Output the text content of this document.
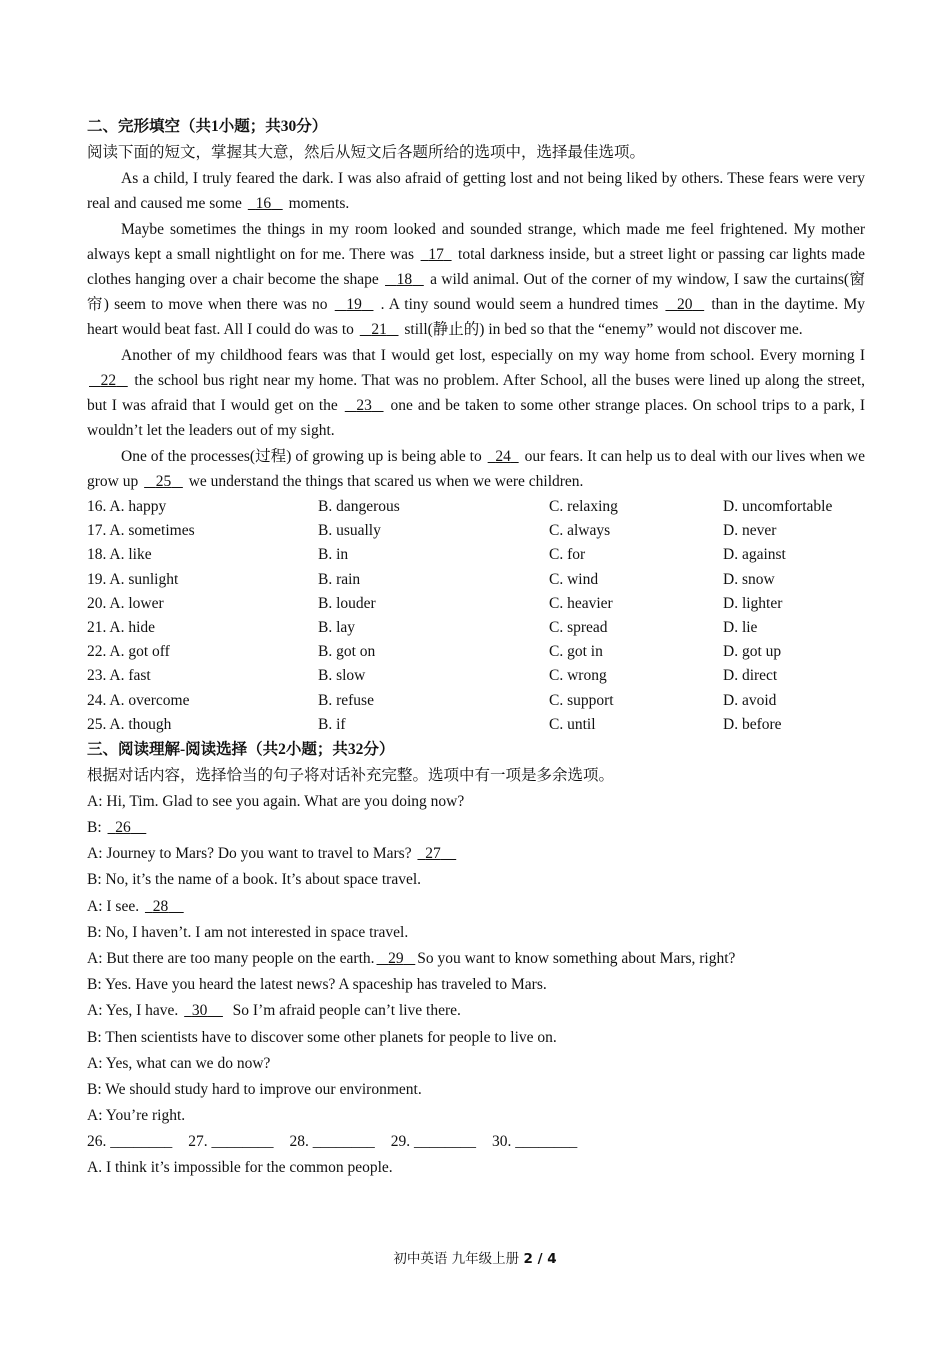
二、完形填空（共1小题；共30分）

阅读下面的短文，掌握其大意，然后从短文后各题所给的选项中，选择最佳选项。

As a child, I truly feared the dark. I was also afraid of getting lost and not being liked by others. These fears were very real and caused me some   16    moments.
Maybe sometimes the things in my room looked and sounded strange, which made me feel frightened. My mother always kept a small nightlight on for me. There was   17   total darkness inside, but a street light or passing car lights made clothes hanging over a chair become the shape    18    a wild animal. Out of the corner of my window, I saw the curtains(窗帘) seem to move when there was no    19    . A tiny sound would seem a hundred times    20    than in the daytime. My heart would beat fast. All I could do was to    21    still(静止的) in bed so that the “enemy” would not discover me.
Another of my childhood fears was that I would get lost, especially on my way home from school. Every morning I    22    the school bus right near my home. That was no problem. After School, all the buses were lined up along the street, but I was afraid that I would get on the    23    one and be taken to some other strange places. On school trips to a park, I wouldn’t let the leaders out of my sight.
One of the processes(过程) of growing up is being able to   24   our fears. It can help us to deal with our lives when we grow up    25    we understand the things that scared us when we were children.
16. A. happy	B. dangerous	C. relaxing	D. uncomfortable
17. A. sometimes	B. usually	C. always	D. never
18. A. like	B. in	C. for	D. against
19. A. sunlight	B. rain	C. wind	D. snow
20. A. lower	B. louder	C. heavier	D. lighter
21. A. hide	B. lay	C. spread	D. lie
22. A. got off	B. got on	C. got in	D. got up
23. A. fast	B. slow	C. wrong	D. direct
24. A. overcome	B. refuse	C. support	D. avoid
25. A. though	B. if	C. until	D. before

三、阅读理解-阅读选择（共2小题；共32分）

根据对话内容，选择恰当的句子将对话补充完整。选项中有一项是多余选项。

A: Hi, Tim. Glad to see you again. What are you doing now?

B:   26

A: Journey to Mars? Do you want to travel to Mars?   27

B: No, it’s the name of a book. It’s about space travel.

A: I see.   28

B: No, I haven’t. I am not interested in space travel.

A: But there are too many people on the earth. 29 So you want to know something about Mars, right?

B: Yes. Have you heard the latest news? A spaceship has traveled to Mars.

A: Yes, I have.   30      So I’m afraid people can’t live there.

B: Then scientists have to discover some other planets for people to live on.

A: Yes, what can we do now?

B: We should study hard to improve our environment.

A: You’re right.

26. ________ 27. ________ 28. ________ 29. ________ 30. ________

A. I think it’s impossible for the common people.

初中英语 九年级上册 2 / 4
